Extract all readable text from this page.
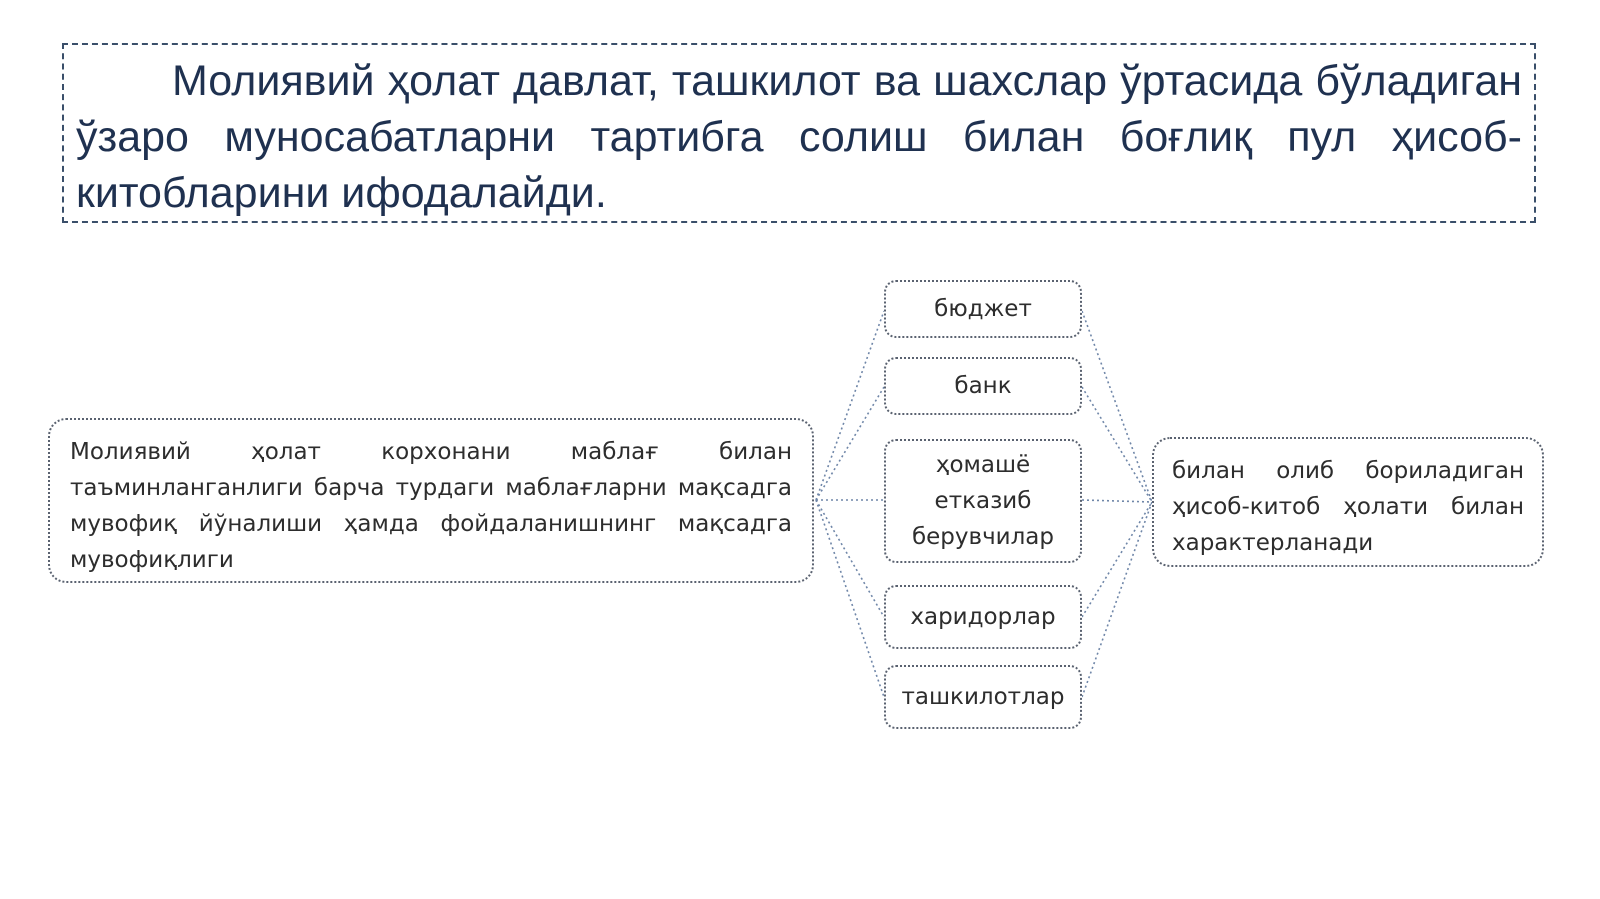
Молиявий ҳолат давлат, ташкилот ва шахслар ўртасида бўладиган ўзаро муносабатларни тартибга солиш билан боғлиқ пул ҳисоб-китобларини ифодалайди.
Молиявий ҳолат корхонани маблағ билан таъминланганлиги барча турдаги маблағларни мақсадга мувофиқ йўналиши ҳамда фойдаланишнинг мақсадга мувофиқлиги
бюджет
банк
ҳомашё етказиб берувчилар
харидорлар
ташкилотлар
билан олиб бориладиган ҳисоб-китоб ҳолати билан характерланади
